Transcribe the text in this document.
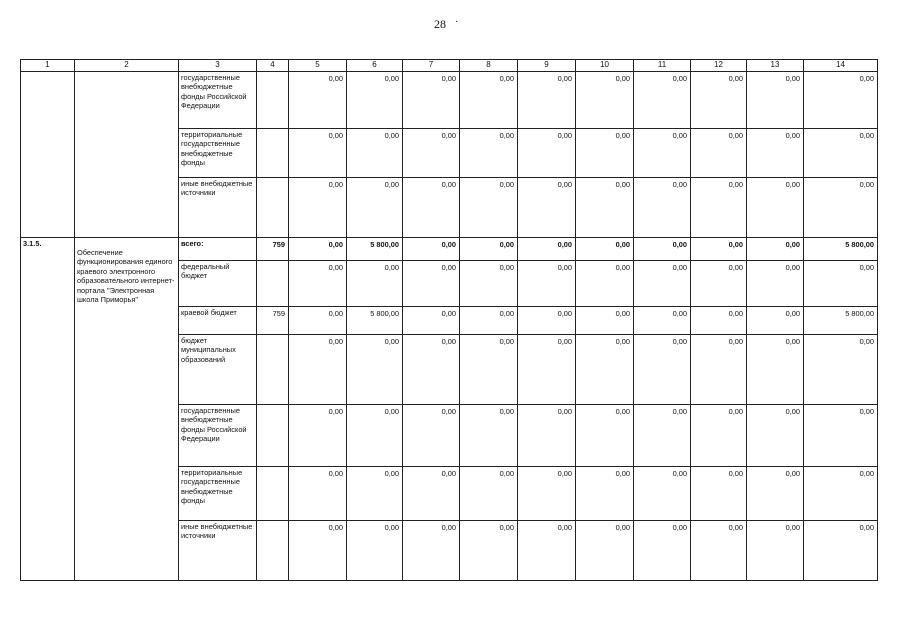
28 ·
1	2	3	4	5	6	7	8	9	10	11	12	13	14
		государственные внебюджетные фонды Российской Федерации		0,00	0,00	0,00	0,00	0,00	0,00	0,00	0,00	0,00	0,00
		территориальные государственные внебюджетные фонды		0,00	0,00	0,00	0,00	0,00	0,00	0,00	0,00	0,00	0,00
		иные внебюджетные источники		0,00	0,00	0,00	0,00	0,00	0,00	0,00	0,00	0,00	0,00
3.1.5.	Обеспечение функционирования единого краевого электронного образовательного интернет-портала "Электронная школа Приморья"	всего:	759	0,00	5 800,00	0,00	0,00	0,00	0,00	0,00	0,00	0,00	5 800,00
		федеральный бюджет		0,00	0,00	0,00	0,00	0,00	0,00	0,00	0,00	0,00	0,00
		краевой бюджет	759	0,00	5 800,00	0,00	0,00	0,00	0,00	0,00	0,00	0,00	5 800,00
		бюджет муниципальных образований		0,00	0,00	0,00	0,00	0,00	0,00	0,00	0,00	0,00	0,00
		государственные внебюджетные фонды Российской Федерации		0,00	0,00	0,00	0,00	0,00	0,00	0,00	0,00	0,00	0,00
		территориальные государственные внебюджетные фонды		0,00	0,00	0,00	0,00	0,00	0,00	0,00	0,00	0,00	0,00
		иные внебюджетные источники		0,00	0,00	0,00	0,00	0,00	0,00	0,00	0,00	0,00	0,00
